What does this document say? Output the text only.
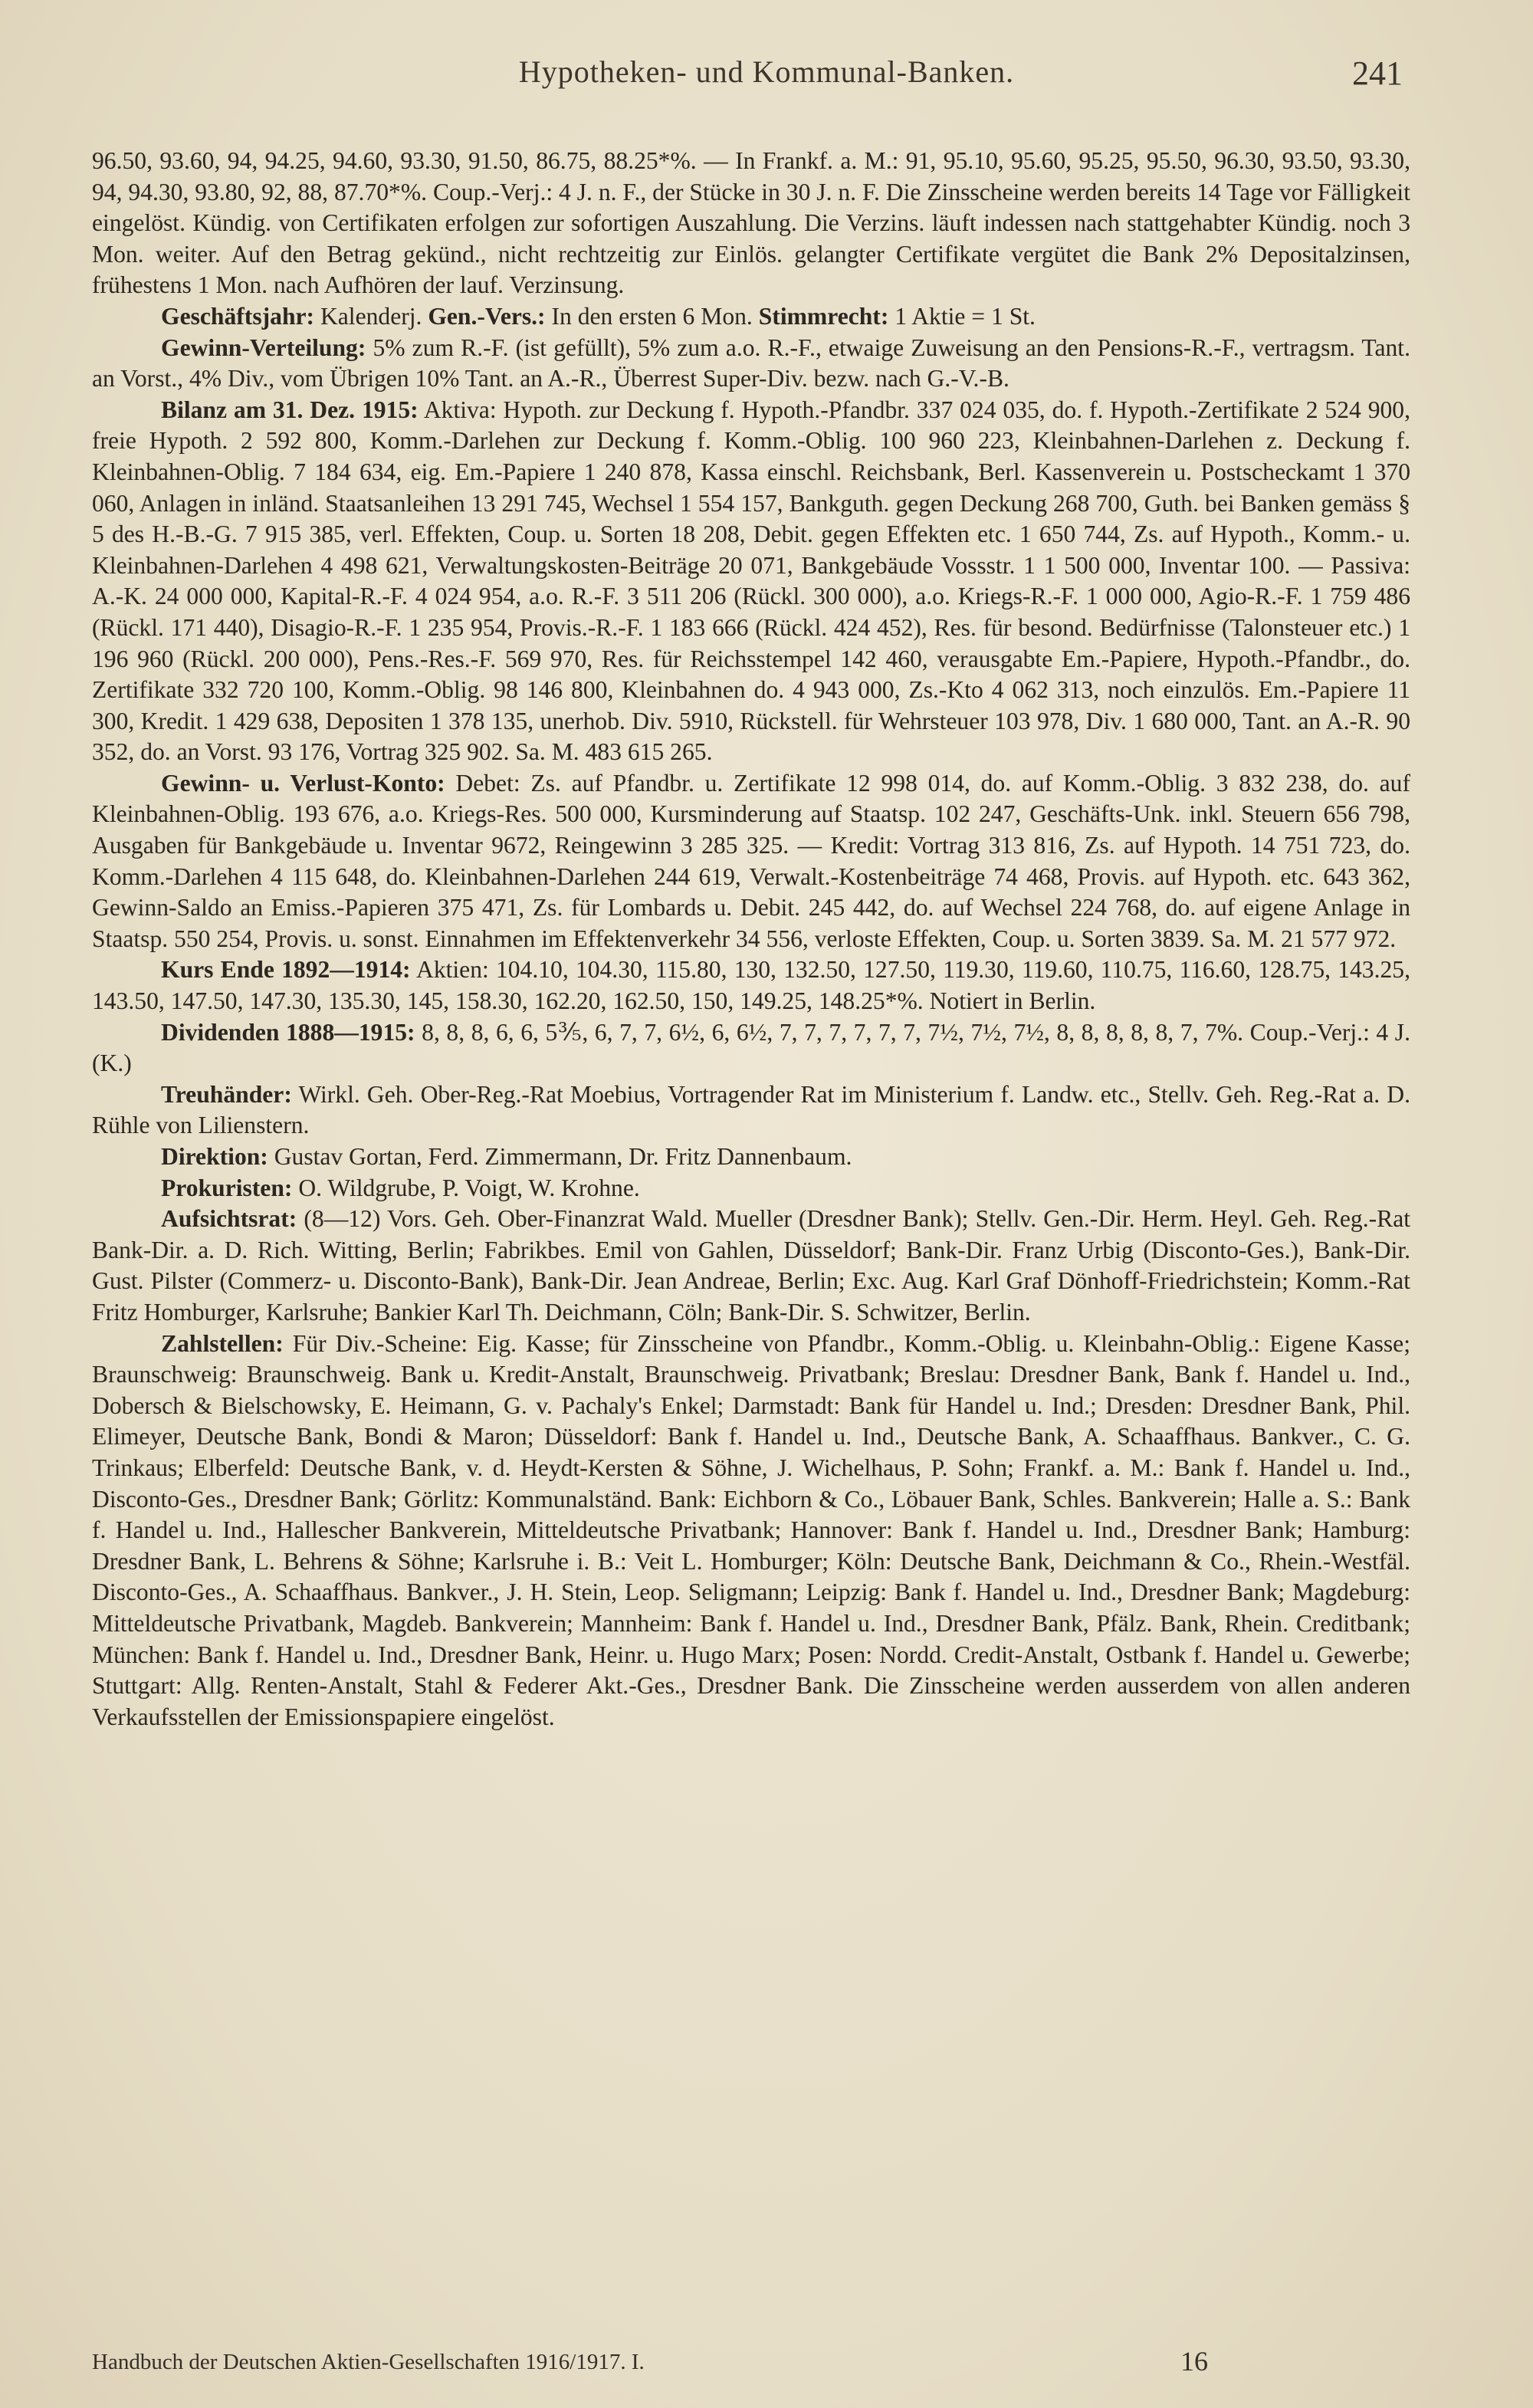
Hypotheken- und Kommunal-Banken.	241

96.50, 93.60, 94, 94.25, 94.60, 93.30, 91.50, 86.75, 88.25*%. — In Frankf. a. M.: 91, 95.10, 95.60, 95.25, 95.50, 96.30, 93.50, 93.30, 94, 94.30, 93.80, 92, 88, 87.70*%. Coup.-Verj.: 4 J. n. F., der Stücke in 30 J. n. F. Die Zinsscheine werden bereits 14 Tage vor Fälligkeit eingelöst. Kündig. von Certifikaten erfolgen zur sofortigen Auszahlung. Die Verzins. läuft indessen nach stattgehabter Kündig. noch 3 Mon. weiter. Auf den Betrag gekünd., nicht rechtzeitig zur Einlös. gelangter Certifikate vergütet die Bank 2% Depositalzinsen, frühestens 1 Mon. nach Aufhören der lauf. Verzinsung.

Geschäftsjahr: Kalenderj. Gen.-Vers.: In den ersten 6 Mon. Stimmrecht: 1 Aktie = 1 St.

Gewinn-Verteilung: 5% zum R.-F. (ist gefüllt), 5% zum a.o. R.-F., etwaige Zuweisung an den Pensions-R.-F., vertragsm. Tant. an Vorst., 4% Div., vom Übrigen 10% Tant. an A.-R., Überrest Super-Div. bezw. nach G.-V.-B.

Bilanz am 31. Dez. 1915: Aktiva: Hypoth. zur Deckung f. Hypoth.-Pfandbr. 337 024 035, do. f. Hypoth.-Zertifikate 2 524 900, freie Hypoth. 2 592 800, Komm.-Darlehen zur Deckung f. Komm.-Oblig. 100 960 223, Kleinbahnen-Darlehen z. Deckung f. Kleinbahnen-Oblig. 7 184 634, eig. Em.-Papiere 1 240 878, Kassa einschl. Reichsbank, Berl. Kassenverein u. Postscheckamt 1 370 060, Anlagen in inländ. Staatsanleihen 13 291 745, Wechsel 1 554 157, Bankguth. gegen Deckung 268 700, Guth. bei Banken gemäss § 5 des H.-B.-G. 7 915 385, verl. Effekten, Coup. u. Sorten 18 208, Debit. gegen Effekten etc. 1 650 744, Zs. auf Hypoth., Komm.- u. Kleinbahnen-Darlehen 4 498 621, Verwaltungskosten-Beiträge 20 071, Bankgebäude Vossstr. 1 1 500 000, Inventar 100. — Passiva: A.-K. 24 000 000, Kapital-R.-F. 4 024 954, a.o. R.-F. 3 511 206 (Rückl. 300 000), a.o. Kriegs-R.-F. 1 000 000, Agio-R.-F. 1 759 486 (Rückl. 171 440), Disagio-R.-F. 1 235 954, Provis.-R.-F. 1 183 666 (Rückl. 424 452), Res. für besond. Bedürfnisse (Talonsteuer etc.) 1 196 960 (Rückl. 200 000), Pens.-Res.-F. 569 970, Res. für Reichsstempel 142 460, verausgabte Em.-Papiere, Hypoth.-Pfandbr., do. Zertifikate 332 720 100, Komm.-Oblig. 98 146 800, Kleinbahnen do. 4 943 000, Zs.-Kto 4 062 313, noch einzulös. Em.-Papiere 11 300, Kredit. 1 429 638, Depositen 1 378 135, unerhob. Div. 5910, Rückstell. für Wehrsteuer 103 978, Div. 1 680 000, Tant. an A.-R. 90 352, do. an Vorst. 93 176, Vortrag 325 902. Sa. M. 483 615 265.

Gewinn- u. Verlust-Konto: Debet: Zs. auf Pfandbr. u. Zertifikate 12 998 014, do. auf Komm.-Oblig. 3 832 238, do. auf Kleinbahnen-Oblig. 193 676, a.o. Kriegs-Res. 500 000, Kursminderung auf Staatsp. 102 247, Geschäfts-Unk. inkl. Steuern 656 798, Ausgaben für Bankgebäude u. Inventar 9672, Reingewinn 3 285 325. — Kredit: Vortrag 313 816, Zs. auf Hypoth. 14 751 723, do. Komm.-Darlehen 4 115 648, do. Kleinbahnen-Darlehen 244 619, Verwalt.-Kostenbeiträge 74 468, Provis. auf Hypoth. etc. 643 362, Gewinn-Saldo an Emiss.-Papieren 375 471, Zs. für Lombards u. Debit. 245 442, do. auf Wechsel 224 768, do. auf eigene Anlage in Staatsp. 550 254, Provis. u. sonst. Einnahmen im Effektenverkehr 34 556, verloste Effekten, Coup. u. Sorten 3839. Sa. M. 21 577 972.

Kurs Ende 1892—1914: Aktien: 104.10, 104.30, 115.80, 130, 132.50, 127.50, 119.30, 119.60, 110.75, 116.60, 128.75, 143.25, 143.50, 147.50, 147.30, 135.30, 145, 158.30, 162.20, 162.50, 150, 149.25, 148.25*%. Notiert in Berlin.

Dividenden 1888—1915: 8, 8, 8, 6, 6, 5⅗, 6, 7, 7, 6½, 6, 6½, 7, 7, 7, 7, 7, 7, 7½, 7½, 7½, 8, 8, 8, 8, 8, 7, 7%. Coup.-Verj.: 4 J. (K.)

Treuhänder: Wirkl. Geh. Ober-Reg.-Rat Moebius, Vortragender Rat im Ministerium f. Landw. etc., Stellv. Geh. Reg.-Rat a. D. Rühle von Lilienstern.

Direktion: Gustav Gortan, Ferd. Zimmermann, Dr. Fritz Dannenbaum.

Prokuristen: O. Wildgrube, P. Voigt, W. Krohne.

Aufsichtsrat: (8—12) Vors. Geh. Ober-Finanzrat Wald. Mueller (Dresdner Bank); Stellv. Gen.-Dir. Herm. Heyl. Geh. Reg.-Rat Bank-Dir. a. D. Rich. Witting, Berlin; Fabrikbes. Emil von Gahlen, Düsseldorf; Bank-Dir. Franz Urbig (Disconto-Ges.), Bank-Dir. Gust. Pilster (Commerz- u. Disconto-Bank), Bank-Dir. Jean Andreae, Berlin; Exc. Aug. Karl Graf Dönhoff-Friedrichstein; Komm.-Rat Fritz Homburger, Karlsruhe; Bankier Karl Th. Deichmann, Cöln; Bank-Dir. S. Schwitzer, Berlin.

Zahlstellen: Für Div.-Scheine: Eig. Kasse; für Zinsscheine von Pfandbr., Komm.-Oblig. u. Kleinbahn-Oblig.: Eigene Kasse; Braunschweig: Braunschweig. Bank u. Kredit-Anstalt, Braunschweig. Privatbank; Breslau: Dresdner Bank, Bank f. Handel u. Ind., Dobersch & Bielschowsky, E. Heimann, G. v. Pachaly's Enkel; Darmstadt: Bank für Handel u. Ind.; Dresden: Dresdner Bank, Phil. Elimeyer, Deutsche Bank, Bondi & Maron; Düsseldorf: Bank f. Handel u. Ind., Deutsche Bank, A. Schaaffhaus. Bankver., C. G. Trinkaus; Elberfeld: Deutsche Bank, v. d. Heydt-Kersten & Söhne, J. Wichelhaus, P. Sohn; Frankf. a. M.: Bank f. Handel u. Ind., Disconto-Ges., Dresdner Bank; Görlitz: Kommunalständ. Bank: Eichborn & Co., Löbauer Bank, Schles. Bankverein; Halle a. S.: Bank f. Handel u. Ind., Hallescher Bankverein, Mitteldeutsche Privatbank; Hannover: Bank f. Handel u. Ind., Dresdner Bank; Hamburg: Dresdner Bank, L. Behrens & Söhne; Karlsruhe i. B.: Veit L. Homburger; Köln: Deutsche Bank, Deichmann & Co., Rhein.-Westfäl. Disconto-Ges., A. Schaaffhaus. Bankver., J. H. Stein, Leop. Seligmann; Leipzig: Bank f. Handel u. Ind., Dresdner Bank; Magdeburg: Mitteldeutsche Privatbank, Magdeb. Bankverein; Mannheim: Bank f. Handel u. Ind., Dresdner Bank, Pfälz. Bank, Rhein. Creditbank; München: Bank f. Handel u. Ind., Dresdner Bank, Heinr. u. Hugo Marx; Posen: Nordd. Credit-Anstalt, Ostbank f. Handel u. Gewerbe; Stuttgart: Allg. Renten-Anstalt, Stahl & Federer Akt.-Ges., Dresdner Bank. Die Zinsscheine werden ausserdem von allen anderen Verkaufsstellen der Emissionspapiere eingelöst.

Handbuch der Deutschen Aktien-Gesellschaften 1916/1917. I.	16
